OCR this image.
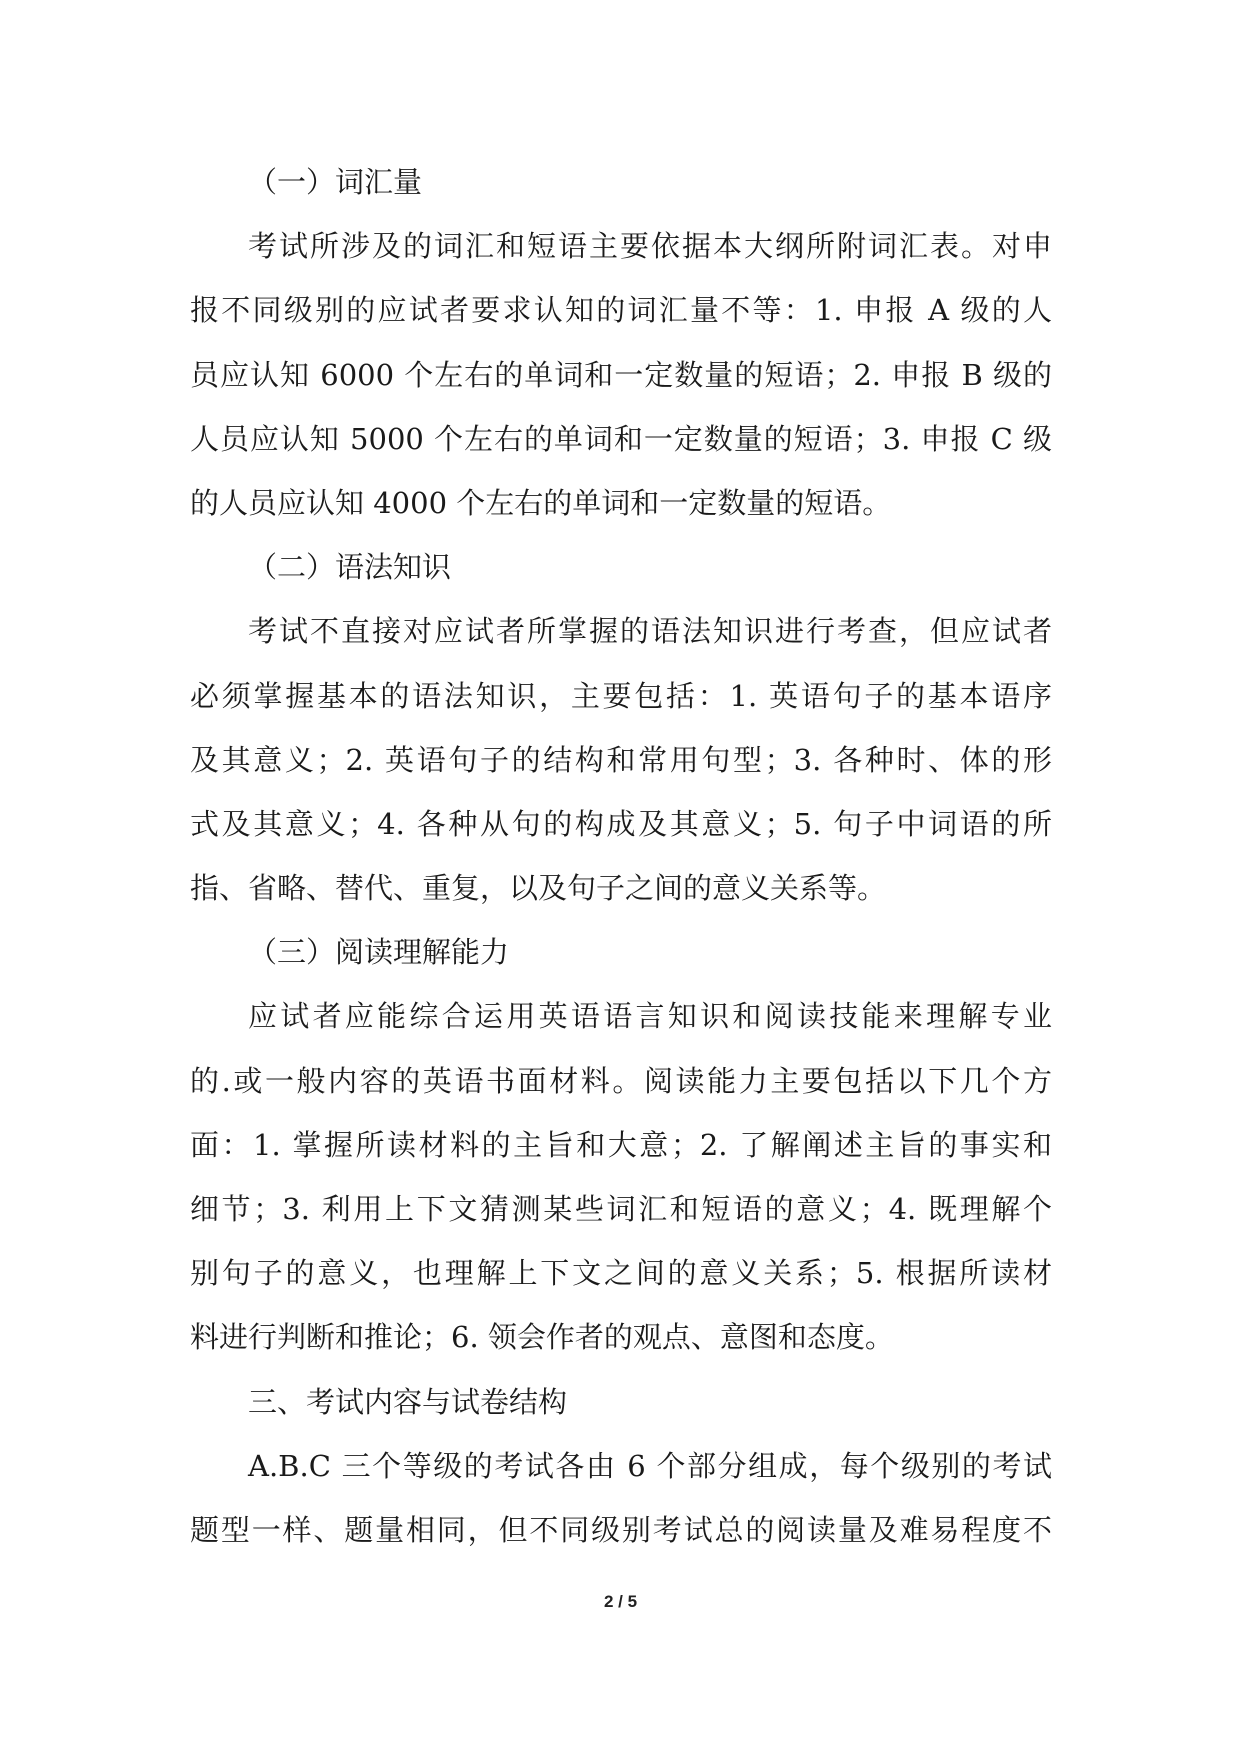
（一）词汇量
考试所涉及的词汇和短语主要依据本大纲所附词汇表。对申
报不同级别的应试者要求认知的词汇量不等：1. 申报 A 级的人
员应认知 6000 个左右的单词和一定数量的短语；2. 申报 B 级的
人员应认知 5000 个左右的单词和一定数量的短语；3. 申报 C 级
的人员应认知 4000 个左右的单词和一定数量的短语。
（二）语法知识
考试不直接对应试者所掌握的语法知识进行考查，但应试者
必须掌握基本的语法知识，主要包括：1. 英语句子的基本语序
及其意义；2. 英语句子的结构和常用句型；3. 各种时、体的形
式及其意义；4. 各种从句的构成及其意义；5. 句子中词语的所
指、省略、替代、重复，以及句子之间的意义关系等。
（三）阅读理解能力
应试者应能综合运用英语语言知识和阅读技能来理解专业
的.或一般内容的英语书面材料。阅读能力主要包括以下几个方
面：1. 掌握所读材料的主旨和大意；2. 了解阐述主旨的事实和
细节；3. 利用上下文猜测某些词汇和短语的意义；4. 既理解个
别句子的意义，也理解上下文之间的意义关系；5. 根据所读材
料进行判断和推论；6. 领会作者的观点、意图和态度。
三、考试内容与试卷结构
A.B.C 三个等级的考试各由 6 个部分组成，每个级别的考试
题型一样、题量相同，但不同级别考试总的阅读量及难易程度不
2 / 5
